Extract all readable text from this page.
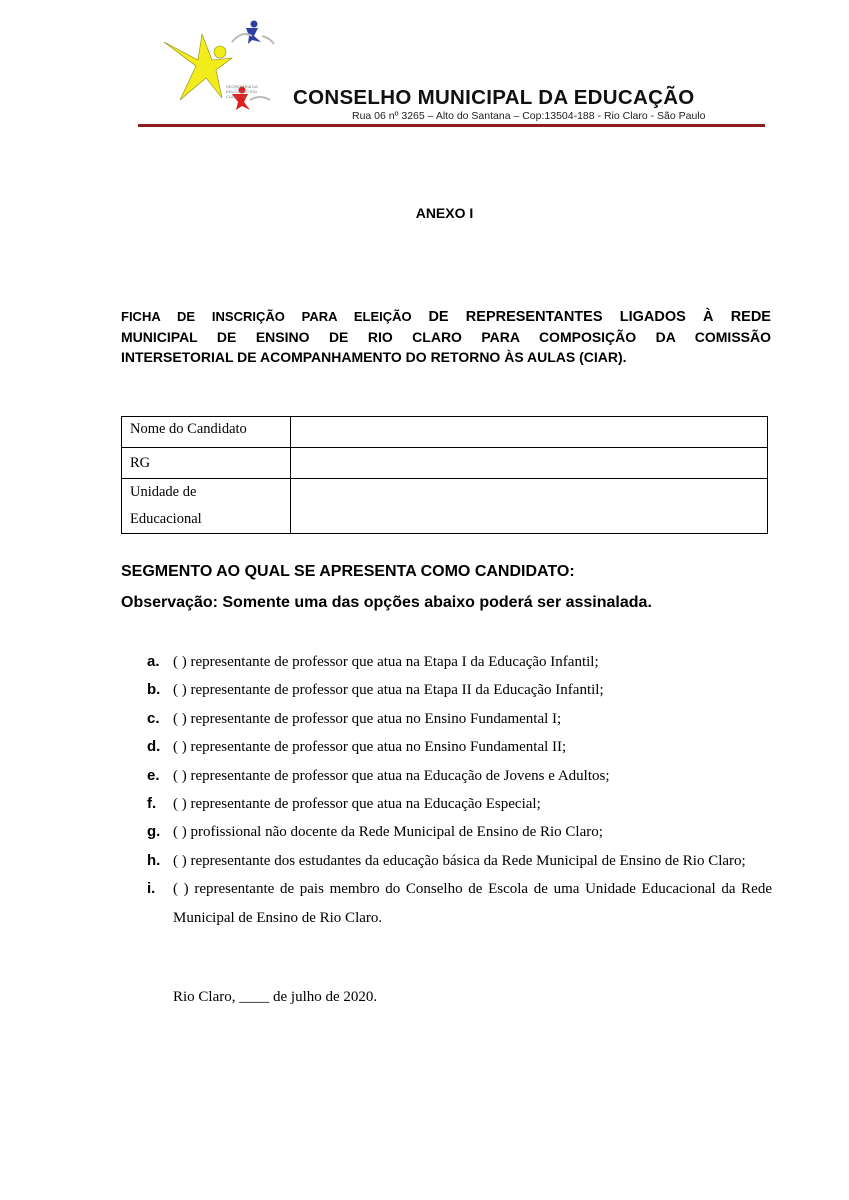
SECRETARIA DA EDUCAÇÃO RIO CLARO SP	CONSELHO MUNICIPAL DA EDUCAÇÃO
Rua 06 nº 3265 – Alto do Santana – Cop:13504-188 - Rio Claro - São Paulo
ANEXO I
FICHA DE INSCRIÇÃO PARA ELEIÇÃO DE REPRESENTANTES LIGADOS À REDE
MUNICIPAL DE ENSINO DE RIO CLARO PARA COMPOSIÇÃO DA COMISSÃO
INTERSETORIAL DE ACOMPANHAMENTO DO RETORNO ÀS AULAS (CIAR).
Nome do Candidato	
RG	
Unidade de
Educacional	
SEGMENTO AO QUAL SE APRESENTA COMO CANDIDATO:
Observação: Somente uma das opções abaixo poderá ser assinalada.
a. ( ) representante de professor que atua na Etapa I da Educação Infantil;
b. ( ) representante de professor que atua na Etapa II da Educação Infantil;
c. ( ) representante de professor que atua no Ensino Fundamental I;
d. ( ) representante de professor que atua no Ensino Fundamental II;
e. ( ) representante de professor que atua na Educação de Jovens e Adultos;
f. ( ) representante de professor que atua na Educação Especial;
g. ( ) profissional não docente da Rede Municipal de Ensino de Rio Claro;
h. ( ) representante dos estudantes da educação básica da Rede Municipal de Ensino de Rio Claro;
i. ( ) representante de pais membro do Conselho de Escola de uma Unidade Educacional da Rede Municipal de Ensino de Rio Claro.
Rio Claro, ____ de julho de 2020.
